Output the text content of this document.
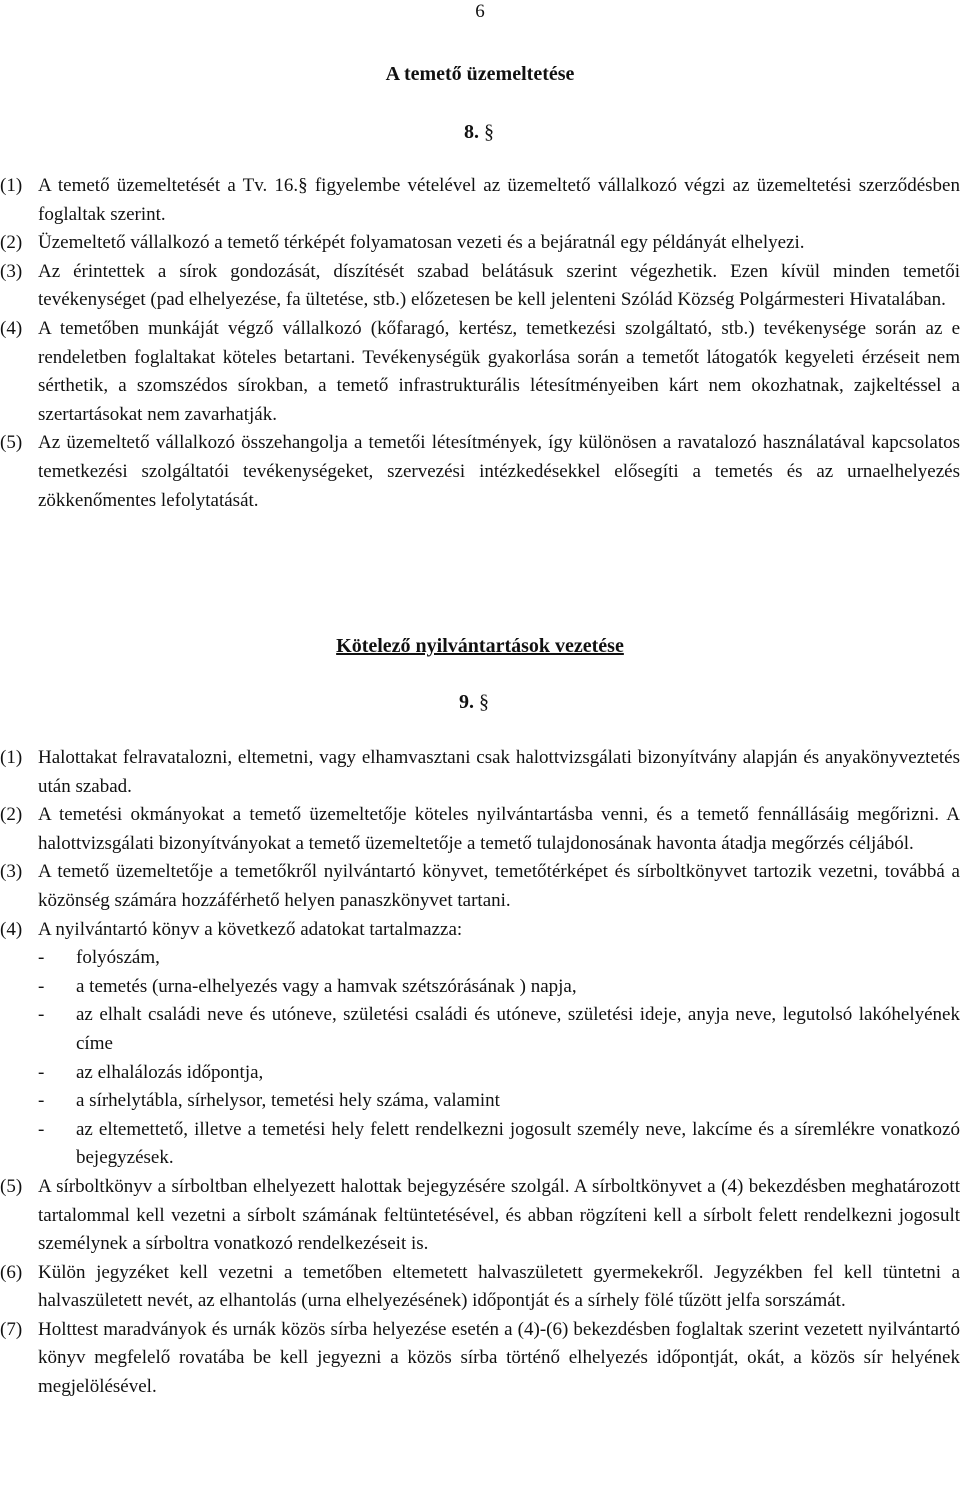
6
A temető üzemeltetése
8. §
(1) A temető üzemeltetését a Tv. 16.§ figyelembe vételével az üzemeltető vállalkozó végzi az üzemeltetési szerződésben foglaltak szerint.
(2) Üzemeltető vállalkozó a temető térképét folyamatosan vezeti és a bejáratnál egy példányát elhelyezi.
(3) Az érintettek a sírok gondozását, díszítését szabad belátásuk szerint végezhetik. Ezen kívül minden temetői tevékenységet (pad elhelyezése, fa ültetése, stb.) előzetesen be kell jelenteni Szólád Község Polgármesteri Hivatalában.
(4) A temetőben munkáját végző vállalkozó (kőfaragó, kertész, temetkezési szolgáltató, stb.) tevékenysége során az e rendeletben foglaltakat köteles betartani. Tevékenységük gyakorlása során a temetőt látogatók kegyeleti érzéseit nem sérthetik, a szomszédos sírokban, a temető infrastrukturális létesítményeiben kárt nem okozhatnak, zajkeltéssel a szertartásokat nem zavarhatják.
(5) Az üzemeltető vállalkozó összehangolja a temetői létesítmények, így különösen a ravatalozó használatával kapcsolatos temetkezési szolgáltatói tevékenységeket, szervezési intézkedésekkel elősegíti a temetés és az urnaelhelyezés zökkenőmentes lefolytatását.
Kötelező nyilvántartások vezetése
9. §
(1) Halottakat felravatalozni, eltemetni, vagy elhamvasztani csak halottvizsgálati bizonyítvány alapján és anyakönyveztetés után szabad.
(2) A temetési okmányokat a temető üzemeltetője köteles nyilvántartásba venni, és a temető fennállásáig megőrizni. A halottvizsgálati bizonyítványokat a temető üzemeltetője a temető tulajdonosának havonta átadja megőrzés céljából.
(3) A temető üzemeltetője a temetőkről nyilvántartó könyvet, temetőtérképet és sírboltkönyvet tartozik vezetni, továbbá a közönség számára hozzáférhető helyen panaszkönyvet tartani.
(4) A nyilvántartó könyv a következő adatokat tartalmazza:
- folyószám,
- a temetés (urna-elhelyezés vagy a hamvak szétszórásának ) napja,
- az elhalt családi neve és utóneve, születési családi és utóneve, születési ideje, anyja neve, legutolsó lakóhelyének címe
- az elhalálozás időpontja,
- a sírhelytábla, sírhelysor, temetési hely száma, valamint
- az eltemettető, illetve a temetési hely felett rendelkezni jogosult személy neve, lakcíme és a síremlékre vonatkozó bejegyzések.
(5) A sírboltkönyv a sírboltban elhelyezett halottak bejegyzésére szolgál. A sírboltkönyvet a (4) bekezdésben meghatározott tartalommal kell vezetni a sírbolt számának feltüntetésével, és abban rögzíteni kell a sírbolt felett rendelkezni jogosult személynek a sírboltra vonatkozó rendelkezéseit is.
(6) Külön jegyzéket kell vezetni a temetőben eltemetett halvaszületett gyermekekről. Jegyzékben fel kell tüntetni a halvaszületett nevét, az elhantolás (urna elhelyezésének) időpontját és a sírhely fölé tűzött jelfa sorszámát.
(7) Holttest maradványok és urnák közös sírba helyezése esetén a (4)-(6) bekezdésben foglaltak szerint vezetett nyilvántartó könyv megfelelő rovatába be kell jegyezni a közös sírba történő elhelyezés időpontját, okát, a közös sír helyének megjelölésével.
